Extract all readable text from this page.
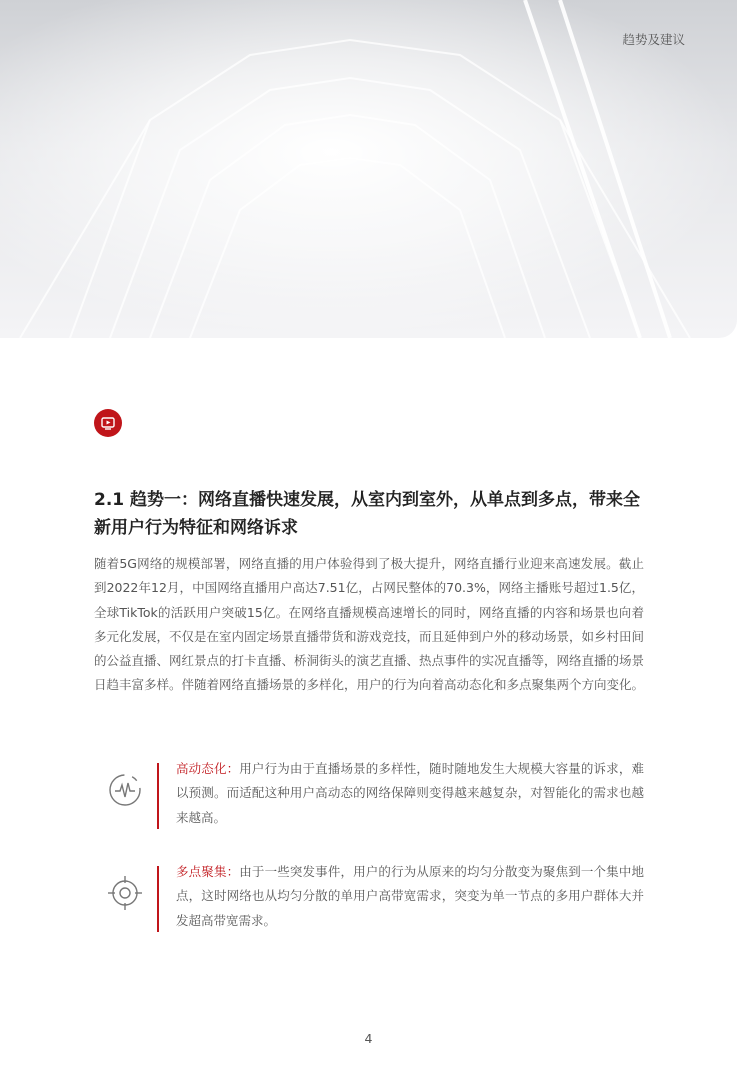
趋势及建议
2.1 趋势一：网络直播快速发展，从室内到室外，从单点到多点，带来全新用户行为特征和网络诉求
随着5G网络的规模部署，网络直播的用户体验得到了极大提升，网络直播行业迎来高速发展。截止到2022年12月，中国网络直播用户高达7.51亿，占网民整体的70.3%，网络主播账号超过1.5亿，全球TikTok的活跃用户突破15亿。在网络直播规模高速增长的同时，网络直播的内容和场景也向着多元化发展，不仅是在室内固定场景直播带货和游戏竞技，而且延伸到户外的移动场景，如乡村田间的公益直播、网红景点的打卡直播、桥洞街头的演艺直播、热点事件的实况直播等，网络直播的场景日趋丰富多样。伴随着网络直播场景的多样化，用户的行为向着高动态化和多点聚集两个方向变化。
高动态化：用户行为由于直播场景的多样性，随时随地发生大规模大容量的诉求，难以预测。而适配这种用户高动态的网络保障则变得越来越复杂，对智能化的需求也越来越高。
多点聚集：由于一些突发事件，用户的行为从原来的均匀分散变为聚焦到一个集中地点，这时网络也从均匀分散的单用户高带宽需求，突变为单一节点的多用户群体大并发超高带宽需求。
4
